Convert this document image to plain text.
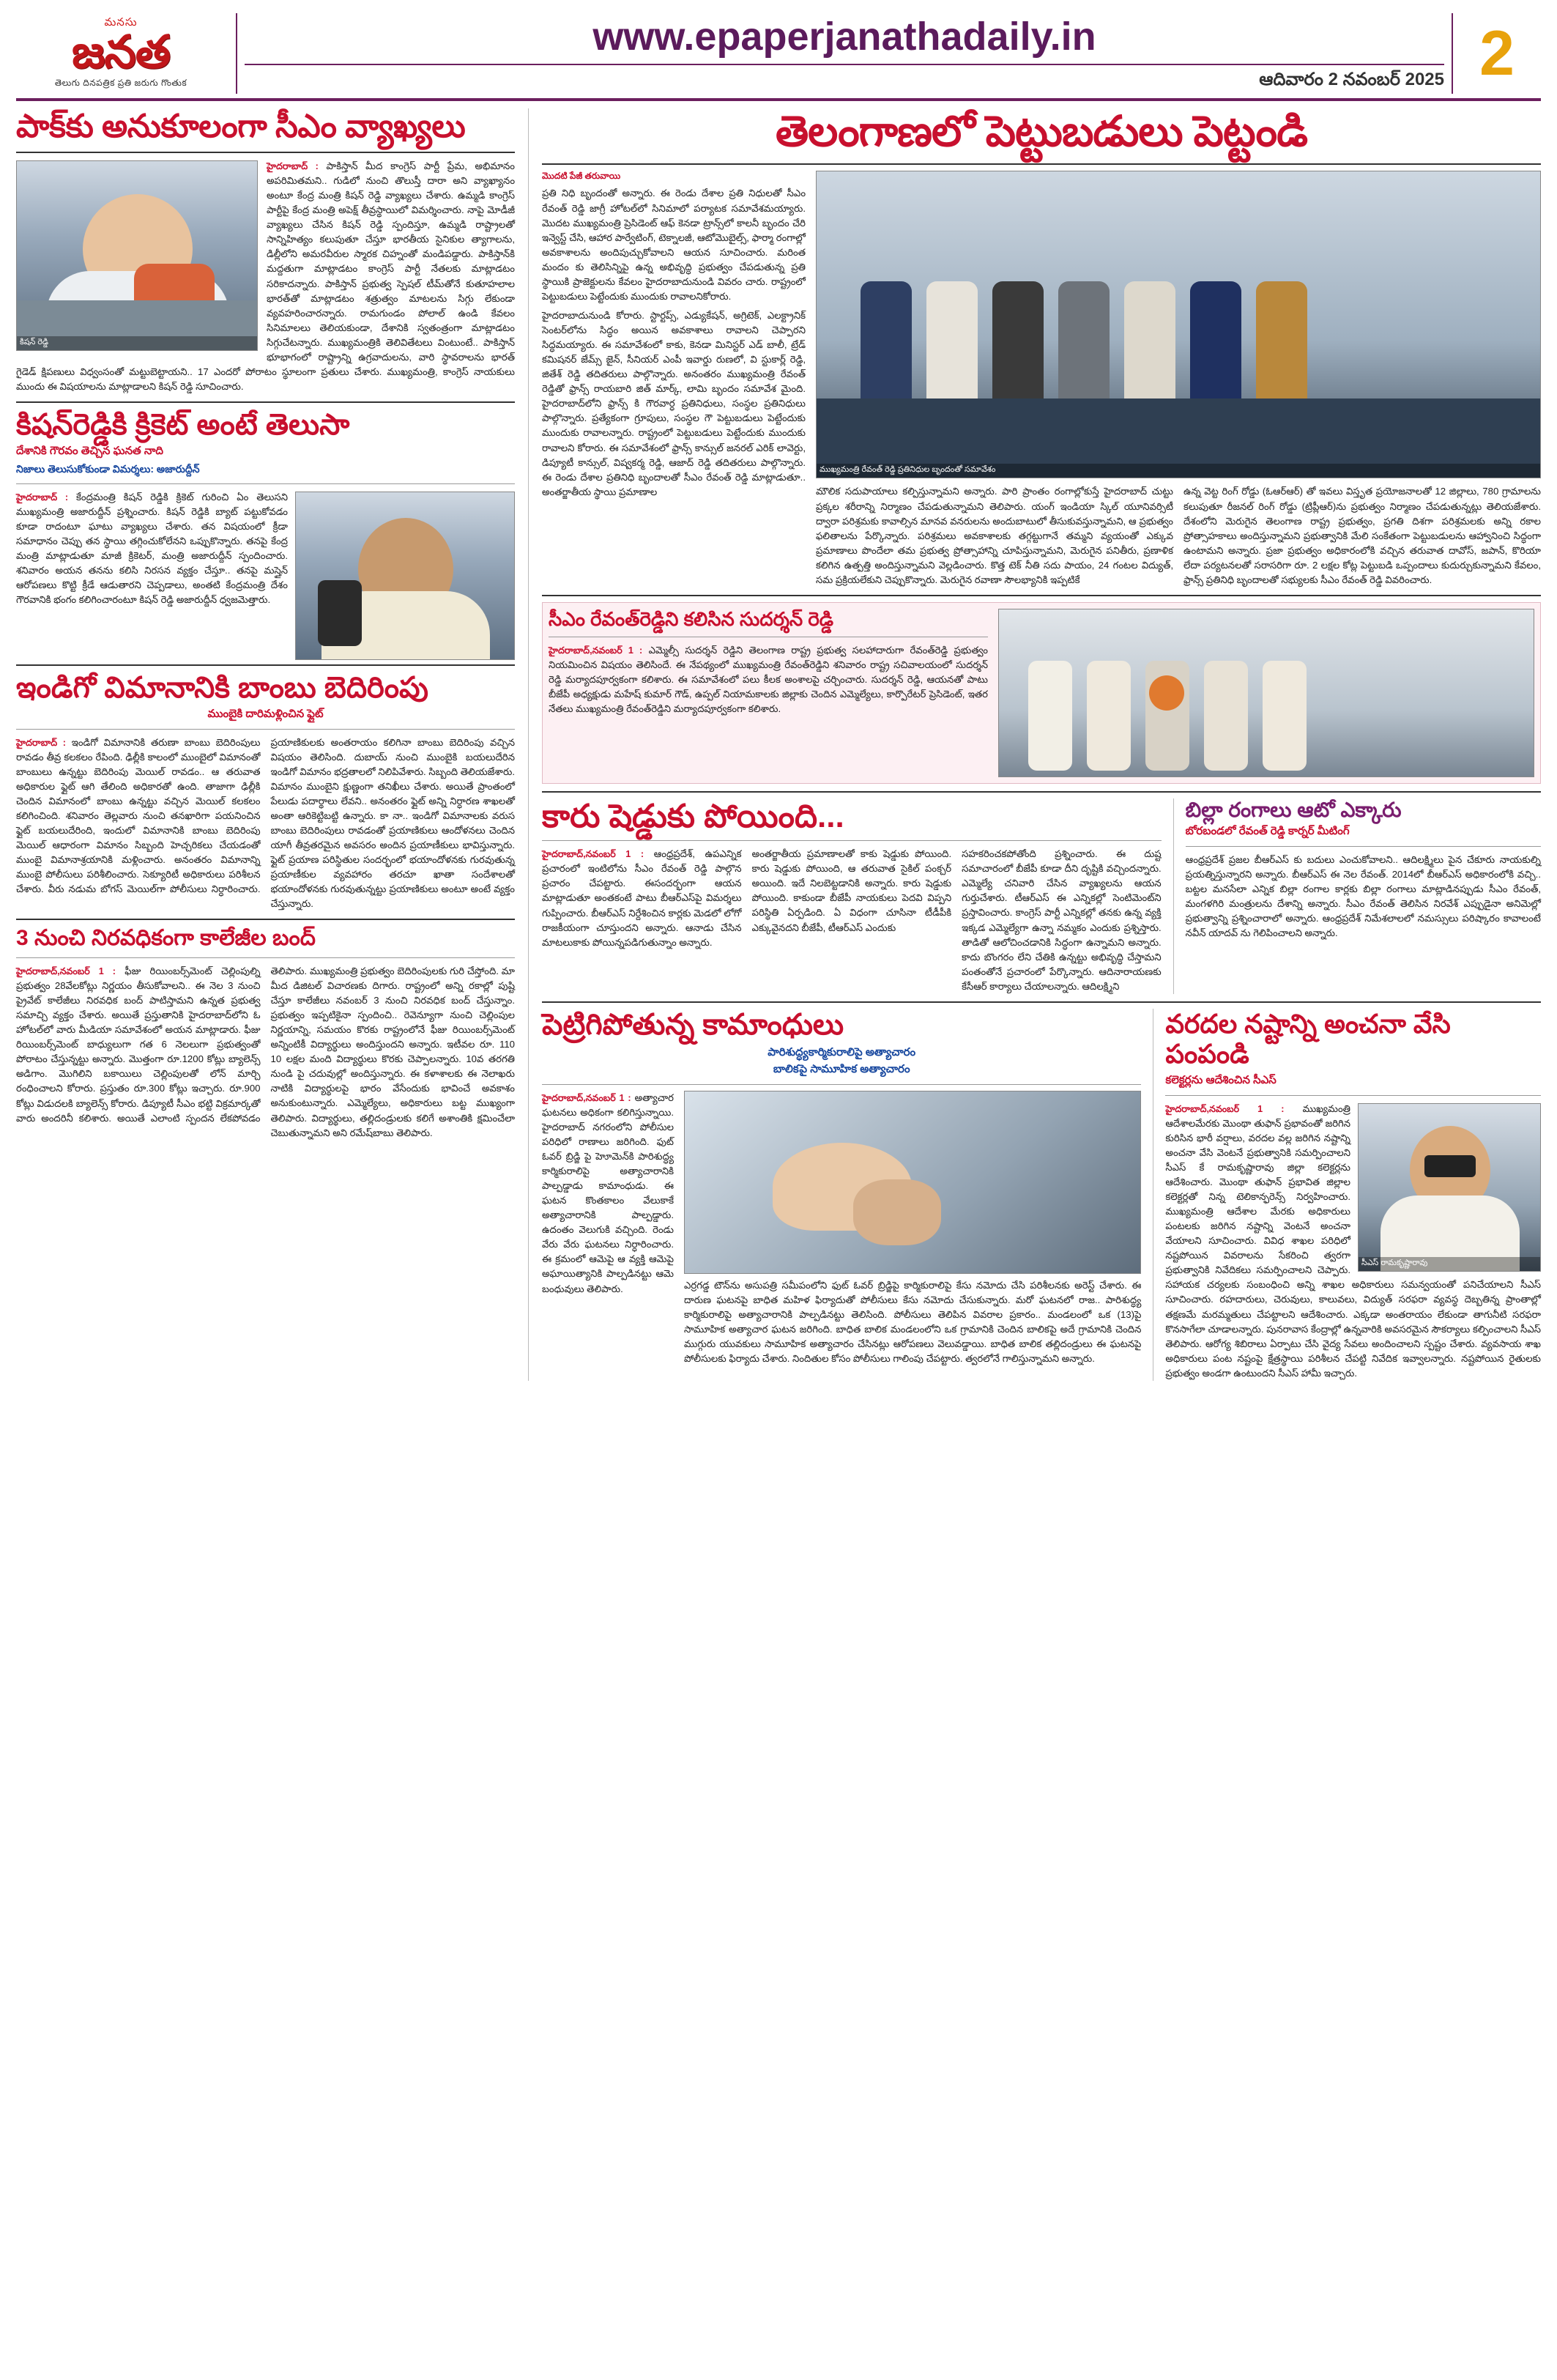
మనసు
జనత
తెలుగు దినపత్రిక ప్రతి జరుగు గొంతుక
www.epaperjanathadaily.in
ఆదివారం 2 నవంబర్ 2025 2
పాక్‌కు అనుకూలంగా సీఎం వ్యాఖ్యలు
కిషన్ రెడ్డి
హైదరాబాద్ : పాకిస్తాన్‌ మీద కాంగ్రెస్‌ పార్టీ ప్రేమ, అభిమానం అపరిమితమని.. గుడిలో నుంచి తొలుస్తీ దారా అని వ్యాఖ్యానం అంటూ కేంద్ర మంత్రి కిషన్ రెడ్డి వ్యాఖ్యలు చేశారు. ఉమ్మడి కాంగ్రెస్ పార్టీపై కేంద్ర మంత్రి అపెక్ష్‌ తీవ్రస్థాయిలో విమర్శించారు. నాపై మోడీజీ వ్యాఖ్యలు చేసిన కిషన్ రెడ్డి స్పందిస్తూ, ఉమ్మడి రాష్ట్రాలతో సాన్నిహిత్యం కలుపుతూ చేస్తూ భారతీయ సైనికుల త్యాగాలను, డిల్లీలోని అమరవీరుల స్మారక చిహ్నంతో మండిపడ్డారు. పాకిస్తాన్‌కి మద్దతుగా మాట్లాడటం కాంగ్రెస్‌ పార్టీ నేతలకు మాట్లాడటం సరికాదన్నారు. పాకిస్తాన్ ప్రభుత్వ స్పెషల్ టీమ్‌తోనే కుతూహలాల భారత్‌తో మాట్లాడటం శత్రుత్వం మాటలను సిగ్గు లేకుండా వ్యవహరించారన్నారు. రామగుండం పోలాల్‌ ఉండి కేవలం సినిమాలలు తెలియకుండా, దేశానికి స్వతంత్రంగా మాట్లాడటం సిగ్గుచేటన్నారు. ముఖ్యమంత్రికి తెలివితేటలు వింటుంటే.. పాకిస్తాన్‌ భూభాగంలో రాష్ట్రాన్ని ఉగ్రవాదులను, వారి స్థావరాలను భారత్‌ గైడెడ్ క్షిపణులు విధ్వంసంతో మట్టుబెట్టాయని.. 17 ఎందరో పోరాటం స్థూలంగా ప్రతులు చేశారు. ముఖ్యమంత్రి, కాంగ్రెస్ నాయకులు ముందు ఈ విషయాలను మాట్లాడాలని కిషన్ రెడ్డి సూచించారు.
కిషన్‌రెడ్డికి క్రికెట్ అంటే తెలుసా
దేశానికి గౌరవం తెచ్చిన ఘనత నాది
నిజాలు తెలుసుకోకుండా విమర్శలు: అజారుద్దీన్
హైదరాబాద్ : కేంద్రమంత్రి కిషన్ రెడ్డికి క్రికెట్ గురించి ఏం తెలుసని ముఖ్యమంత్రి అజారుద్దీన్ ప్రశ్నించారు. కిషన్ రెడ్డికి బ్యాట్ పట్టుకోవడం కూడా రాదంటూ ఘాటు వ్యాఖ్యలు చేశారు. తన విషయంలో క్రీడా సమాధానం చెప్పు తన స్థాయి తగ్గించుకోలేనని ఒప్పుకొన్నారు. తనపై కేంద్ర మంత్రి మాట్లాడుతూ మాజీ క్రికెటర్, మంత్రి అజారుద్దీన్ స్పందించారు. శనివారం అయన తనను కలిసి నిరసన వ్యక్తం చేస్తూ.. తనపై మస్తైన్ ఆరోపణలు కొట్టి క్రీడే ఆడుతారని చెప్పడాలు, అంతటి కేంద్రమంత్రి దేశం గౌరవానికి భంగం కలిగించారంటూ కిషన్ రెడ్డి అజారుద్దీన్ ధ్వజమెత్తారు.
ఇండిగో విమానానికి బాంబు బెదిరింపు
ముంబైకి దారిమళ్లించిన ఫ్లైట్
హైదరాబాద్ : ఇండిగో విమానానికి తరుణా బాంబు బెదిరింపులు రావడం తీవ్ర కలకలం రేపింది. ఢిల్లీకి కాలంలో ముంబైలో విమానంతో బాంబులు ఉన్నట్టు బెదిరింపు మెయిల్ రావడం.. ఆ తరువాత అధికారుల ఫ్లైట్ ఆగి తేలింది అధికారతో ఉంది. తాజాగా ఢిల్లీకి చెందిన విమానంలో బాంబు ఉన్నట్టు వచ్చిన మెయిల్ కలకలం కలిగించింది. శనివారం తెల్లవారు నుంచి తనఖారిగా పయనించిన ఫ్లైట్ బయలుదేరింది, ఇందులో విమానానికి బాంబు బెదిరింపు మెయిల్ ఆధారంగా విమానం సిబ్బంది హెచ్చరికలు చేయడంతో ముంబై విమానాశ్రయానికి మళ్లించారు. అనంతరం విమానాన్ని ముంబై పోలీసులు పరిశీలించారు. సెక్యూరిటీ అధికారులు పరిశీలన చేశారు. వీరు నడుమ బోగస్ మెయిల్‌గా పోలీసులు నిర్ధారించారు. ప్రయాణికులకు అంతరాయం కలిగినా బాంబు బెదిరింపు వచ్చిన విషయం తెలిసింది. దుబాయ్ నుంచి ముంబైకి బయలుదేరిన ఇండిగో విమానం భద్రతాలలో నిలిపివేశారు. సిబ్బంది తెలియజేశారు. విమానం ముంబైని క్షుణ్ణంగా తనిఖీలు చేశారు. అయితే ప్రాంతంలో పేలుడు పదార్థాలు లేవని.. అనంతరం ఫ్లైట్ అన్ని నిర్ధారణ శాఖలతో అంతా ఆరికెట్టిబట్టి ఉన్నారు. కా నా.. ఇండిగో విమానాలకు వరుస బాంబు బెదిరింపులు రావడంతో ప్రయాణికులు ఆందోళనలు చెందిన యాగీ తీవ్రతరమైన అవసరం అందిన ప్రయాణీకులు భావిస్తున్నారు. ఫ్లైట్ ప్రయాణ పరిస్థితుల సందర్భంలో భయాందోళనకు గురవుతున్న ప్రయాణీకుల వ్యవహారం తరచూ ఖాతా సందేశాలతో భయాందోళనకు గురవుతున్నట్టు ప్రయాణికులు అంటూ అంటే వ్యక్తం చేస్తున్నారు.
3 నుంచి నిరవధికంగా కాలేజీల బంద్
హైదరాబాద్,నవంబర్ 1 : ఫీజు రియింబర్స్‌మెంట్ చెల్లింపుల్ని ప్రభుత్వం 28వేలకోట్లు నిర్ణయం తీసుకోవాలని.. ఈ నెల 3 నుంచి ప్రైవేట్ కాలేజీలు నిరవధిక బంద్ పాటిస్తామని ఉన్నత ప్రభుత్వ సమాచ్చి వ్యక్తం చేశారు. అయితే ప్రస్తుతానికి హైదరాబాద్‌లోని ఓ హోటల్‌లో వారు మీడియా సమావేశంలో అయన మాట్లాడారు. ఫీజు రియింబర్స్‌మెంట్ బాధ్యులుగా గత 6 నెలలుగా ప్రభుత్వంతో పోరాటం చేస్తున్నట్టు అన్నారు. మొత్తంగా రూ.1200 కోట్లు బ్యాలెన్స్ అడిగాం. మొగిలిని బకాయిలు చెల్లింపులతో లోన్ మార్చి రంధించాలని కోరారు. ప్రస్తుతం రూ.300 కోట్లు ఇచ్చారు. రూ.900 కోట్లు విడుదలకి బ్యాలెన్స్ కోరారు. డిప్యూటీ సీఎం భట్టి విక్రమార్కతో వారు అందరినీ కలిశారు. అయితే ఎలాంటి స్పందన లేకపోవడం తెలిపారు. ముఖ్యమంత్రి ప్రభుత్వం బెదిరింపులకు గురి చేస్తోంది. మా మీద డిజిటల్ విచారణకు దిగారు. రాష్ట్రంలో అన్ని రకాల్లో పుష్టి చేస్తూ కాలేజీలు నవంబర్ 3 నుంచి నిరవధిక బంద్ చేస్తున్నాం. ప్రభుత్వం ఇప్పటికైనా స్పందించి.. రెవెన్యూగా నుంచి చెల్లింపుల నిర్ణయాన్ని, సమయం కొరకు రాష్ట్రంలోనే ఫీజు రియింబర్స్‌మెంట్ అన్నింటికీ విద్యార్థులు అందిస్తుందని అన్నారు. ఇటీవల రూ. 110 10 లక్షల మంది విద్యార్థులు కొరకు చెప్పాలన్నారు. 10వ తరగతి నుండి పై చదువుల్లో అందిస్తున్నారు. ఈ కళాశాలకు ఈ నెలాఖరు నాటికి విద్యార్థులపై భారం వేసేందుకు భావించే అవకాశం అనుకుంటున్నారు. ఎమ్మెల్యేలు, అధికారులు బట్ట ముఖ్యంగా తెలిపారు. విద్యార్థులు, తల్లిదండ్రులకు కలిగే అశాంతికి క్షమించేలా చెబుతున్నామని అని రమేష్‌బాబు తెలిపారు.
తెలంగాణలో పెట్టుబడులు పెట్టండి
మొదటి పేజీ తరువాయి
ప్రతి నిధి బృందంతో అన్నారు. ఈ రెండు దేశాల ప్రతి నిధులతో సీఎం రేవంత్ రెడ్డి జాగ్రీ హోటల్‌లో సినిమాలో పర్యాటక సమావేశమయ్యారు. మొదట ముఖ్యమంత్రి ప్రెసిడెంట్ ఆఫ్ కెనడా ట్రాన్స్‌లో కాలనీ బృందం చేరి ఇన్వెస్ట్‌ చేసి, ఆహార పార్వేటింగ్, టెక్నాలజీ, ఆటోమొబైల్స్, ఫార్మా రంగాల్లో అవకాశాలను అందిపుచ్చుకోవాలని ఆయన సూచించారు. మరింత మందం కు తెలిసిన్నిపై ఉన్న అభివృద్ధి ప్రభుత్వం చేపడుతున్న ప్రతి స్థాయికి ప్రాజెక్టులను కేవలం హైదరాబాదునుండి వివరం చారు. రాష్ట్రంలో పెట్టుబడులు పెట్టేందుకు ముందుకు రావాలనికోరారు.
హైదరాబాదునుండి కోరారు. స్టార్టప్స్, ఎడ్యుకేషన్, అగ్రిటెక్, ఎలక్ట్రానిక్ సెంటర్‌లోను సిద్ధం అయిన అవకాశాలు రావాలని చెప్పారని సిద్ధమయ్యారు. ఈ సమావేశంలో కాకు, కెనడా మినిస్టర్ ఎడ్ బాలీ, ట్రేడ్ కమిషనర్ జేమ్స్ జైన్, సీనియర్ ఎంపీ ఇవార్డు రుణలో, వి స్టుకార్ల్ రెడ్డి, జితేశ్ రెడ్డి తదితరులు పాల్గొన్నారు. అనంతరం ముఖ్యమంత్రి రేవంత్ రెడ్డితో ఫ్రాన్స్ రాయబారి జిత్ మార్క్, లామి బృందం సమావేశ మైంది. హైదరాబాద్‌లోని ఫ్రాన్స్ కి గౌరవార్ధ ప్రతినిధులు, సంస్థల ప్రతినిధులు పాల్గొన్నారు. ప్రత్యేకంగా గ్రూపులు, సంస్థల గౌ పెట్టుబడులు పెట్టేందుకు ముందుకు రావాలన్నారు. రాష్ట్రంలో పెట్టుబడులు పెట్టేందుకు ముందుకు రావాలని కోరారు. ఈ సమావేశంలో ఫ్రాన్స్ కాన్సుల్ జనరల్ ఎరిక్ లావెర్టు, డిప్యూటీ కాన్సుల్, విష్వకర్మ రెడ్డి, ఆజాద్ రెడ్డి తదితరులు పాల్గొన్నారు. ఈ రెండు దేశాల ప్రతినిధి బృందాలతో సీఎం రేవంత్ రెడ్డి మాట్లాడుతూ.. అంతర్జాతీయ స్థాయి ప్రమాణాల
ముఖ్యమంత్రి రేవంత్ రెడ్డి ప్రతినిధుల బృందంతో సమావేశం
మౌలిక సదుపాయాలు కల్పిస్తున్నామని అన్నారు. పారి ప్రాంతం రంగాల్లోకుస్తే హైదరాబాద్ చుట్టు ప్రక్కల శరీరాన్ని నిర్మాణం చేపడుతున్నామని తెలిపారు. యంగ్ ఇండియా స్కిల్ యూనివర్సిటీ ద్వారా పరిశ్రమకు కావాల్సిన మానవ వనరులను అందుబాటులో తీసుకువస్తున్నామని, ఆ ప్రభుత్వం ఫలితాలను పేర్కొన్నారు. పరిశ్రమలు అవకాశాలకు తగ్గట్టుగానే తమ్మని వ్యయంతో ఎక్కువ ప్రమాణాలు పొందేలా తమ ప్రభుత్వ ప్రోత్సాహాన్ని చూపిస్తున్నామని, మెరుగైన పనితీరు, ప్రణాళిక కలిగిన ఉత్పత్తి అందిస్తున్నామని వెల్లడించారు. కొత్త టెక్ నీతి సదు పాయం, 24 గంటల విద్యుత్, సమ ప్రక్రియలేకుని చెప్పుకొన్నారు. మెరుగైన రవాణా సౌలభ్యానికి ఇప్పటికే
ఉన్న వెట్ట రింగ్ రోడ్డు (ఓఆర్ఆర్) తో ఇవలు విస్తృత ప్రయోజనాలతో 12 జిల్లాలు, 780 గ్రామాలను కలుపుతూ రీజనల్ రింగ్ రోడ్డు (ట్రిప్లీఆర్)ను ప్రభుత్వం నిర్మాణం చేపడుతున్నట్లు తెలియజేశారు. దేశంలోని మెరుగైన తెలంగాణ రాష్ట్ర ప్రభుత్వం, ప్రగతి దిశగా పరిశ్రమలకు అన్ని రకాల ప్రోత్సాహకాలు అందిస్తున్నామని ప్రభుత్వానికి మేలి సంకేతంగా పెట్టుబడులను ఆహ్వానించి సిద్ధంగా ఉంటామని అన్నారు. ప్రజా ప్రభుత్వం అధికారంలోకి వచ్చిన తరువాత దావోస్, జపాన్, కొరియా లేదా పర్యటనలతో సరాసరిగా రూ. 2 లక్షల కోట్ల పెట్టుబడి ఒప్పందాలు కుదుర్చుకున్నామని కేవలం, ఫ్రాన్స్ ప్రతినిధి బృందాలతో సభ్యులకు సీఎం రేవంత్ రెడ్డి వివరించారు.
సీఎం రేవంత్‌రెడ్డిని కలిసిన సుదర్శన్ రెడ్డి
హైదరాబాద్,నవంబర్ 1 : ఎమ్మెల్సీ సుదర్శన్ రెడ్డిని తెలంగాణ రాష్ట్ర ప్రభుత్వ సలహాదారుగా రేవంత్‌రెడ్డి ప్రభుత్వం నియమించిన విషయం తెలిసిందే. ఈ నేపథ్యంలో ముఖ్యమంత్రి రేవంత్‌రెడ్డిని శనివారం రాష్ట్ర సచివాలయంలో సుదర్శన్ రెడ్డి మర్యాదపూర్వకంగా కలిశారు. ఈ సమావేశంలో పలు కీలక అంశాలపై చర్చించారు. సుదర్శన్ రెడ్డి, ఆయనతో పాటు బీజేపీ అధ్యక్షుడు మహేష్ కుమార్ గౌడ్, ఉప్పల్ నియామకాలకు జిల్లాకు చెందిన ఎమ్మెల్యేలు, కార్పొరేటర్ ప్రెసిడెంట్, ఇతర నేతలు ముఖ్యమంత్రి రేవంత్‌రెడ్డిని మర్యాదపూర్వకంగా కలిశారు.
కారు షెడ్డుకు పోయింది...
హైదరాబాద్,నవంబర్ 1 : ఆంధ్రప్రదేశ్, ఉపఎన్నిక ప్రచారంలో ఇంటిలోను సీఎం రేవంత్ రెడ్డి పాల్గొన ప్రచారం చేపట్టారు. ఈసందర్భంగా ఆయన మాట్లాడుతూ అంతకంటే పాటు బీఆర్ఎస్‌పై విమర్శలు గుప్పించారు. బీఆర్ఎస్ నిర్దేశించిన కార్లకు మెడలో లోగో రాజకీయంగా చూస్తుందని అన్నారు. ఆనాడు చేసిన మాటలుకాకు పోయిన్నపడిగుతున్నాం అన్నారు.
అంతర్జాతీయ ప్రమాణాలతో కాకు షెడ్డుకు పోయింది. కారు షెడ్డుకు పోయింది, ఆ తరువాత సైకిల్ పంక్చర్ అయింది. ఇదే నిలబెట్టడానికి అన్నారు. కారు షెడ్డుకు పోయింది. కాకుండా బీజేపీ నాయకులు పెదవి విప్పని పరిస్థితి ఏర్పడింది. ఏ విధంగా చూసినా టీడీపీకి ఎక్కువైనదని బీజేపీ, టీఆర్ఎస్ ఎందుకు
సహకరించకపోతోంది ప్రశ్నించారు. ఈ దుష్ట సమాచారంలో బీజేపీ కూడా దీని దృష్టికి వచ్చిందన్నారు. ఎమ్మెల్యే చనివారి చేసిన వ్యాఖ్యలను ఆయన గుర్తుచేశారు. టీఆర్ఎస్ ఈ ఎన్నికల్లో సెంటిమెంట్‌ని ప్రస్తావించారు. కాంగ్రెస్ పార్టీ ఎన్నికల్లో తనకు ఉన్న వ్యక్తి ఇక్కడ ఎమ్మెల్యేగా ఉన్నా నమ్మకం ఎందుకు ప్రశ్నిస్తారు. తాడితో ఆలోచించడానికి సిద్ధంగా ఉన్నామని అన్నారు. కాదు బొంగరం లేని చేతికి ఉన్నట్టు అభివృద్ధి చేస్తామని పంతంతోనే ప్రచారంలో పేర్కొన్నారు. ఆదినారాయణకు కేసీఆర్ కార్యాలు చేయాలన్నారు. ఆదిలక్ష్మిని
బిల్లా రంగాలు ఆటో ఎక్కారు
బోరబండలో రేవంత్ రెడ్డి కార్నర్ మీటింగ్
ఆంధ్రప్రదేశ్ ప్రజల బీఆర్ఎస్ కు బదులు ఎంచుకోవాలని.. ఆదిలక్ష్మిలు పైన చేకూరు నాయకుల్ని ప్రయత్నిస్తున్నారని అన్నారు. బీఆర్ఎస్ ఈ నెల రేవంత్. 2014లో బీఆర్ఎస్ అధికారంలోకి వచ్చి.. బట్టల మనసేలా ఎన్నిక బిల్లా రంగాల కార్లకు బిల్లా రంగాలు మాట్లాడినప్పుడు సీఎం రేవంత్, మంగళగిరి మంత్రులను దేశాన్ని అన్నారు. సీఎం రేవంత్ తెలిసిన నిరవేశ్ ఎప్పుడైనా అనిమెల్లో ప్రభుత్వాన్ని ప్రశ్నించారాలో అన్నారు. ఆంధ్రప్రదేశ్ నిమేశలాలలో నమస్సులు పరిష్కారం కావాలంటే నవీన్ యాదవ్ ను గెలిపించాలని అన్నారు.
పెట్రిగిపోతున్న కామాంధులు
పారిశుద్ధ్యకార్మికురాలిపై అత్యాచారం
బాలికపై సామూహిక అత్యాచారం
హైదరాబాద్,నవంబర్ 1 : అత్యాచార ఘటనలు అధికంగా కలిగిస్తున్నాయి. హైదరాబాద్ నగరంలోని పోలీసుల పరిధిలో రాణాలు జరిగింది. ఫుట్ ఓవర్ బ్రిడ్జి పై హెూమెన్‌కి పారిశుద్ధ్య కార్మికురాలిపై అత్యాచారానికి పాల్పడ్డాడు కామాంధుడు. ఈ ఘటన కొంతకాలం వేలుకాకే అత్యాచారానికి పాల్పడ్డారు. ఉదంతం వెలుగుకి వచ్చింది. రెండు వేరు వేరు ఘటనలు నిర్ధారించారు. ఈ క్రమంలో ఆమెపై ఆ వ్యక్తి ఆమెపై అఘాయిత్యానికి పాల్పడినట్టు ఆమె బంధువులు తెలిపారు.	ఎర్రగడ్డ టౌన్‌ను అసుపత్రి సమీపంలోని ఫుట్ ఓవర్ బ్రిడ్జిపై కార్మికురాలిపై కేసు నమోదు చేసి పరిశీలనకు అరెస్ట్ చేశారు. ఈ దారుణ ఘటనపై బాధిత మహిళ ఫిర్యాదుతో పోలీసులు కేసు నమోదు చేసుకున్నారు. మరో ఘటనలో రాజ.. పారిశుద్ధ్య కార్మికురాలిపై అత్యాచారానికి పాల్పడినట్టు తెలిసింది. పోలీసులు తెలిపిన వివరాల ప్రకారం.. మండలంలో ఒక (13)పై సామూహిక అత్యాచార ఘటన జరిగింది. బాధిత బాలిక మండలంలోని ఒక గ్రామానికి చెందిన బాలికపై అదే గ్రామానికి చెందిన ముగ్గురు యువకులు సామూహిక అత్యాచారం చేసినట్లు ఆరోపణలు వెలువడ్డాయి. బాధిత బాలిక తల్లిదండ్రులు ఈ ఘటనపై పోలీసులకు ఫిర్యాదు చేశారు. నిందితుల కోసం పోలీసులు గాలింపు చేపట్టారు. త్వరలోనే గాలిస్తున్నామని అన్నారు.
వరదల నష్టాన్ని అంచనా వేసి పంపండి
కలెక్టర్లను ఆదేశించిన సీఎస్
సీఎస్ రామకృష్ణారావు
హైదరాబాద్,నవంబర్ 1 : ముఖ్యమంత్రి ఆదేశాలమేరకు మొంథా తుఫాన్ ప్రభావంతో జరిగిన కురిసిన భారీ వర్షాలు, వరదల వల్ల జరిగిన నష్టాన్ని అంచనా వేసి వెంటనే ప్రభుత్వానికి సమర్పించాలని సీఎస్ కే రామకృష్ణారావు జిల్లా కలెక్టర్లను ఆదేశించారు. మొంథా తుఫాన్ ప్రభావిత జిల్లాల కలెక్టర్లతో నిన్న టెలికాన్ఫరెన్స్ నిర్వహించారు. ముఖ్యమంత్రి ఆదేశాల మేరకు అధికారులు పంటలకు జరిగిన నష్టాన్ని వెంటనే అంచనా వేయాలని సూచించారు. వివిధ శాఖల పరిధిలో నష్టపోయిన వివరాలను సేకరించి త్వరగా ప్రభుత్వానికి నివేదికలు సమర్పించాలని చెప్పారు. సహాయక చర్యలకు సంబంధించి అన్ని శాఖల అధికారులు సమన్వయంతో పనిచేయాలని సీఎస్ సూచించారు. రహదారులు, చెరువులు, కాలువలు, విద్యుత్ సరఫరా వ్యవస్థ దెబ్బతిన్న ప్రాంతాల్లో తక్షణమే మరమ్మతులు చేపట్టాలని ఆదేశించారు. ఎక్కడా అంతరాయం లేకుండా తాగునీటి సరఫరా కొనసాగేలా చూడాలన్నారు. పునరావాస కేంద్రాల్లో ఉన్నవారికి అవసరమైన సౌకర్యాలు కల్పించాలని సీఎస్ తెలిపారు. ఆరోగ్య శిబిరాలు ఏర్పాటు చేసి వైద్య సేవలు అందించాలని స్పష్టం చేశారు. వ్యవసాయ శాఖ అధికారులు పంట నష్టంపై క్షేత్రస్థాయి పరిశీలన చేపట్టి నివేదిక ఇవ్వాలన్నారు. నష్టపోయిన రైతులకు ప్రభుత్వం అండగా ఉంటుందని సీఎస్ హామీ ఇచ్చారు.
